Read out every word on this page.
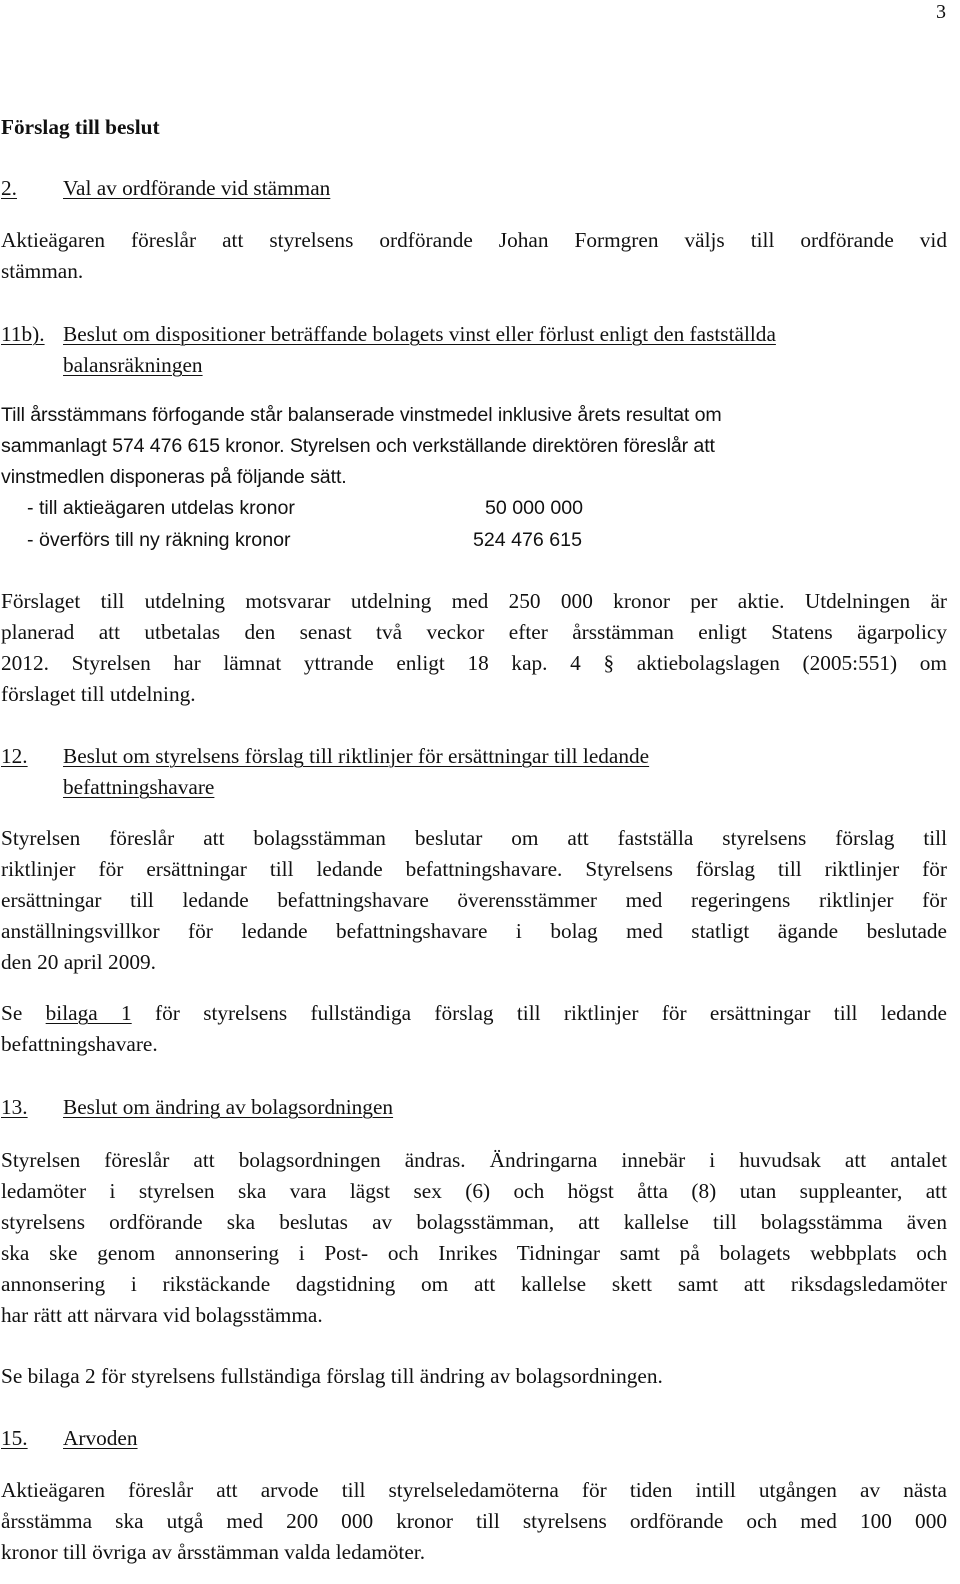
3
Förslag till beslut
2. Val av ordförande vid stämman
Aktieägaren föreslår att styrelsens ordförande Johan Formgren väljs till ordförande vid
stämman.
11b). Beslut om dispositioner beträffande bolagets vinst eller förlust enligt den fastställda
balansräkningen
Till årsstämmans förfogande står balanserade vinstmedel inklusive årets resultat om
sammanlagt 574 476 615 kronor. Styrelsen och verkställande direktören föreslår att
vinstmedlen disponeras på följande sätt.
- till aktieägaren utdelas kronor	50 000 000
- överförs till ny räkning kronor	524 476 615
Förslaget till utdelning motsvarar utdelning med 250 000 kronor per aktie. Utdelningen är
planerad att utbetalas den senast två veckor efter årsstämman enligt Statens ägarpolicy
2012. Styrelsen har lämnat yttrande enligt 18 kap. 4 § aktiebolagslagen (2005:551) om
förslaget till utdelning.
12. Beslut om styrelsens förslag till riktlinjer för ersättningar till ledande
befattningshavare
Styrelsen föreslår att bolagsstämman beslutar om att fastställa styrelsens förslag till
riktlinjer för ersättningar till ledande befattningshavare. Styrelsens förslag till riktlinjer för
ersättningar till ledande befattningshavare överensstämmer med regeringens riktlinjer för
anställningsvillkor för ledande befattningshavare i bolag med statligt ägande beslutade
den 20 april 2009.
Se bilaga 1 för styrelsens fullständiga förslag till riktlinjer för ersättningar till ledande
befattningshavare.
13. Beslut om ändring av bolagsordningen
Styrelsen föreslår att bolagsordningen ändras. Ändringarna innebär i huvudsak att antalet
ledamöter i styrelsen ska vara lägst sex (6) och högst åtta (8) utan suppleanter, att
styrelsens ordförande ska beslutas av bolagsstämman, att kallelse till bolagsstämma även
ska ske genom annonsering i Post- och Inrikes Tidningar samt på bolagets webbplats och
annonsering i rikstäckande dagstidning om att kallelse skett samt att riksdagsledamöter
har rätt att närvara vid bolagsstämma.
Se bilaga 2 för styrelsens fullständiga förslag till ändring av bolagsordningen.
15. Arvoden
Aktieägaren föreslår att arvode till styrelseledamöterna för tiden intill utgången av nästa
årsstämma ska utgå med 200 000 kronor till styrelsens ordförande och med 100 000
kronor till övriga av årsstämman valda ledamöter.
